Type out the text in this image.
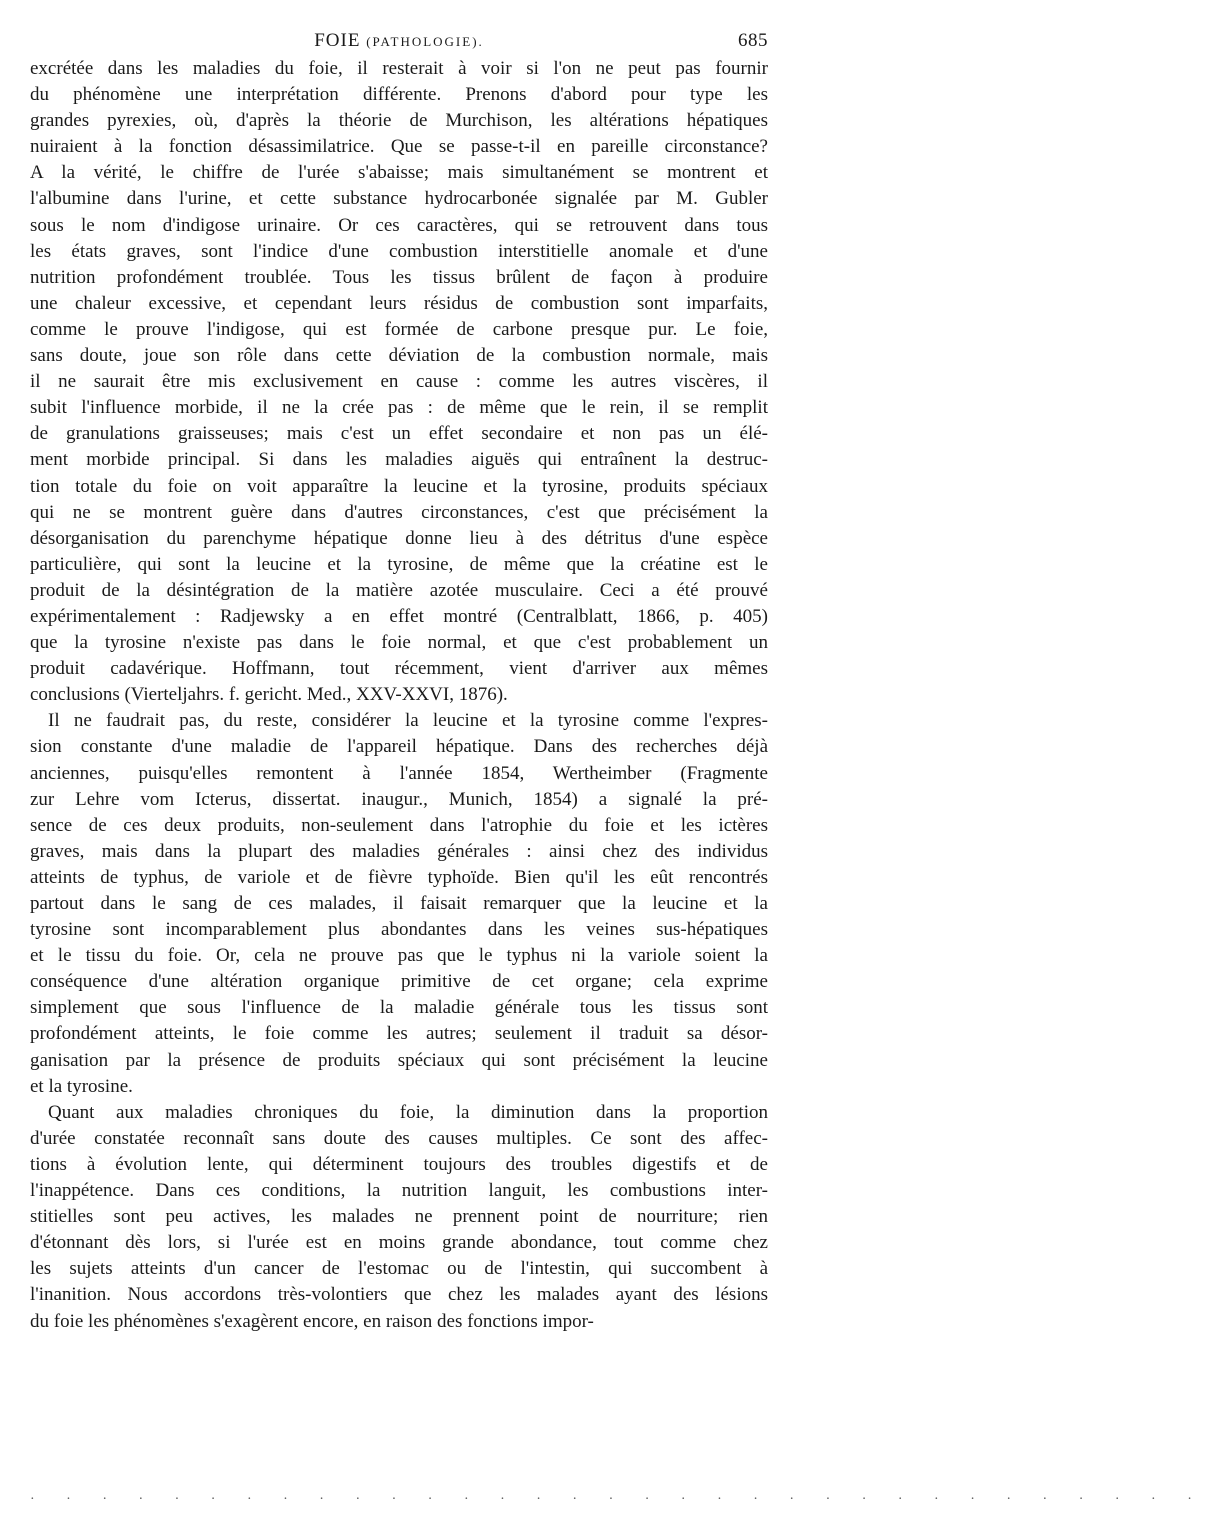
FOIE (PATHOLOGIE).	685

excrétée dans les maladies du foie, il resterait à voir si l'on ne peut pas fournir
du phénomène une interprétation différente. Prenons d'abord pour type les
grandes pyrexies, où, d'après la théorie de Murchison, les altérations hépatiques
nuiraient à la fonction désassimilatrice. Que se passe-t-il en pareille circonstance?
A la vérité, le chiffre de l'urée s'abaisse; mais simultanément se montrent et
l'albumine dans l'urine, et cette substance hydrocarbonée signalée par M. Gubler
sous le nom d'indigose urinaire. Or ces caractères, qui se retrouvent dans tous
les états graves, sont l'indice d'une combustion interstitielle anomale et d'une
nutrition profondément troublée. Tous les tissus brûlent de façon à produire
une chaleur excessive, et cependant leurs résidus de combustion sont imparfaits,
comme le prouve l'indigose, qui est formée de carbone presque pur. Le foie,
sans doute, joue son rôle dans cette déviation de la combustion normale, mais
il ne saurait être mis exclusivement en cause : comme les autres viscères, il
subit l'influence morbide, il ne la crée pas : de même que le rein, il se remplit
de granulations graisseuses; mais c'est un effet secondaire et non pas un élé-
ment morbide principal. Si dans les maladies aiguës qui entraînent la destruc-
tion totale du foie on voit apparaître la leucine et la tyrosine, produits spéciaux
qui ne se montrent guère dans d'autres circonstances, c'est que précisément la
désorganisation du parenchyme hépatique donne lieu à des détritus d'une espèce
particulière, qui sont la leucine et la tyrosine, de même que la créatine est le
produit de la désintégration de la matière azotée musculaire. Ceci a été prouvé
expérimentalement : Radjewsky a en effet montré (Centralblatt, 1866, p. 405)
que la tyrosine n'existe pas dans le foie normal, et que c'est probablement un
produit cadavérique. Hoffmann, tout récemment, vient d'arriver aux mêmes
conclusions (Vierteljahrs. f. gericht. Med., XXV-XXVI, 1876).

Il ne faudrait pas, du reste, considérer la leucine et la tyrosine comme l'expres-
sion constante d'une maladie de l'appareil hépatique. Dans des recherches déjà
anciennes, puisqu'elles remontent à l'année 1854, Wertheimber (Fragmente
zur Lehre vom Icterus, dissertat. inaugur., Munich, 1854) a signalé la pré-
sence de ces deux produits, non-seulement dans l'atrophie du foie et les ictères
graves, mais dans la plupart des maladies générales : ainsi chez des individus
atteints de typhus, de variole et de fièvre typhoïde. Bien qu'il les eût rencontrés
partout dans le sang de ces malades, il faisait remarquer que la leucine et la
tyrosine sont incomparablement plus abondantes dans les veines sus-hépatiques
et le tissu du foie. Or, cela ne prouve pas que le typhus ni la variole soient la
conséquence d'une altération organique primitive de cet organe; cela exprime
simplement que sous l'influence de la maladie générale tous les tissus sont
profondément atteints, le foie comme les autres; seulement il traduit sa désor-
ganisation par la présence de produits spéciaux qui sont précisément la leucine
et la tyrosine.

Quant aux maladies chroniques du foie, la diminution dans la proportion
d'urée constatée reconnaît sans doute des causes multiples. Ce sont des affec-
tions à évolution lente, qui déterminent toujours des troubles digestifs et de
l'inappétence. Dans ces conditions, la nutrition languit, les combustions inter-
stitielles sont peu actives, les malades ne prennent point de nourriture; rien
d'étonnant dès lors, si l'urée est en moins grande abondance, tout comme chez
les sujets atteints d'un cancer de l'estomac ou de l'intestin, qui succombent à
l'inanition. Nous accordons très-volontiers que chez les malades ayant des lésions
du foie les phénomènes s'exagèrent encore, en raison des fonctions impor-

· · · · · · · · · · · · · · · · · · · · · · · · · · · · · · · · ·
